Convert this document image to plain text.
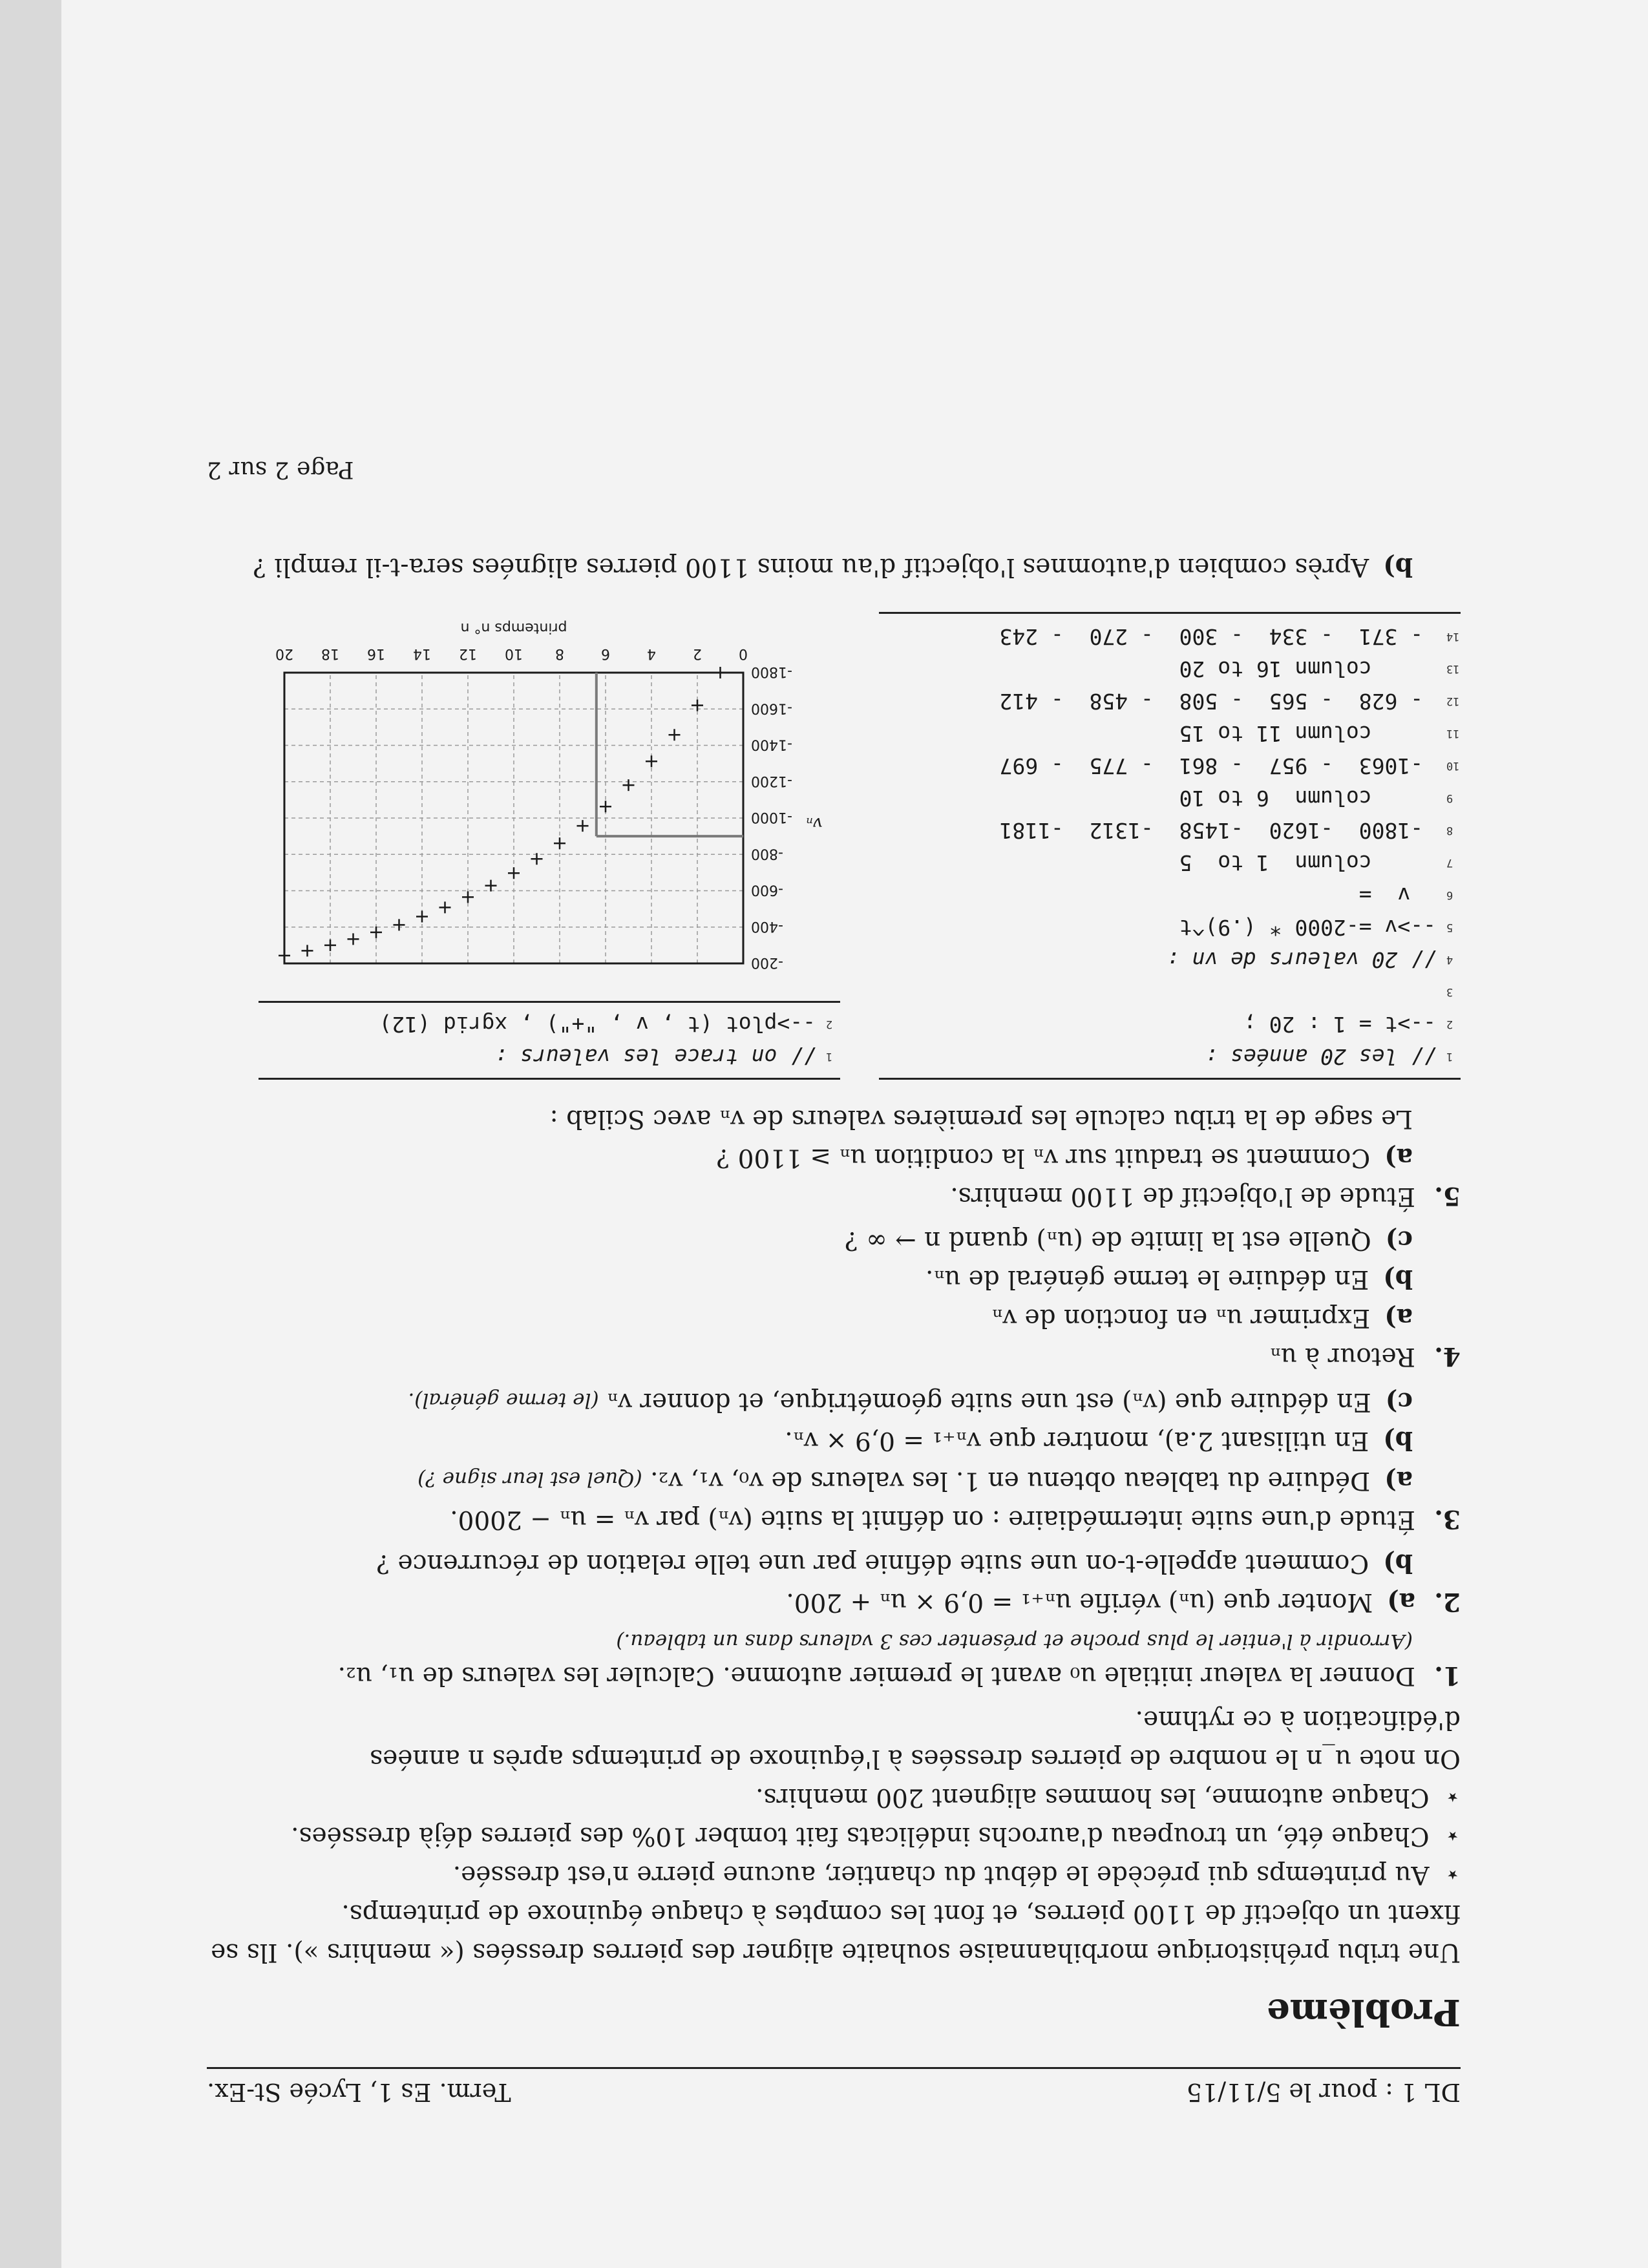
DL 1 : pour le 5/11/15
Term. Es 1, Lycée St-Ex.
Problème

Une tribu préhistorique morbihannaise souhaite aligner des pierres dressées (« menhirs »). Ils se fixent un objectif de 1100 pierres, et font les comptes à chaque équinoxe de printemps.

⋆
Au printemps qui précède le début du chantier, aucune pierre n'est dressée.
⋆
Chaque été, un troupeau d'aurochs indélicats fait tomber 10% des pierres déjà dressées.
⋆
Chaque automne, les hommes alignent 200 menhirs.

On note u_n le nombre de pierres dressées à l'équinoxe de printemps après n années d'édification à ce rythme.

1.
Donner la valeur initiale u₀ avant le premier automne. Calculer les valeurs de u₁, u₂.
(Arrondir à l'entier le plus proche et présenter ces 3 valeurs dans un tableau.)
2.
a)
Monter que (uₙ) vérifie uₙ₊₁ = 0,9 × uₙ + 200.
b)
Comment appelle-t-on une suite définie par une telle relation de récurrence ?
3.
Étude d'une suite intermédiaire : on définit la suite (vₙ) par vₙ = uₙ − 2000.
a)
Déduire du tableau obtenu en 1. les valeurs de v₀, v₁, v₂. (Quel est leur signe ?)
b)
En utilisant 2.a), montrer que vₙ₊₁ = 0,9 × vₙ.
c)
En déduire que (vₙ) est une suite géométrique, et donner vₙ (le terme général).
4.
Retour à uₙ
a)
Exprimer uₙ en fonction de vₙ
b)
En déduire le terme général de uₙ.
c)
Quelle est la limite de (uₙ) quand n → ∞ ?
5.
Étude de l'objectif de 1100 menhirs.
a)
Comment se traduit sur vₙ la condition uₙ ≥ 1100 ?

Le sage de la tribu calcule les premières valeurs de vₙ avec Scilab :

1
// les 20 années :
2
-->t = 1 : 20 ;
3
4
// 20 valeurs de vn :
5
-->v =-2000 * (.9)^t
6
v  =
7
column  1 to  5
8
-1800  -1620  -1458  -1312  -1181
9
column  6 to 10
10
-1063  - 957  - 861  - 775  - 697
11
column 11 to 15
12
- 628  - 565  - 508  - 458  - 412
13
column 16 to 20
14
- 371  - 334  - 300  - 270  - 243
1
// on trace les valeurs :
2
-->plot (t , v , "+") , xgrid (12)
0
2
4
6
8
10
12
14
16
18
20
-200
-400
-600
-800
-1000
-1200
-1400
-1600
-1800
printemps n° n
vₙ
b)
Après combien d'automnes l'objectif d'au moins 1100 pierres alignées sera-t-il rempli ?
Page 2 sur 2
